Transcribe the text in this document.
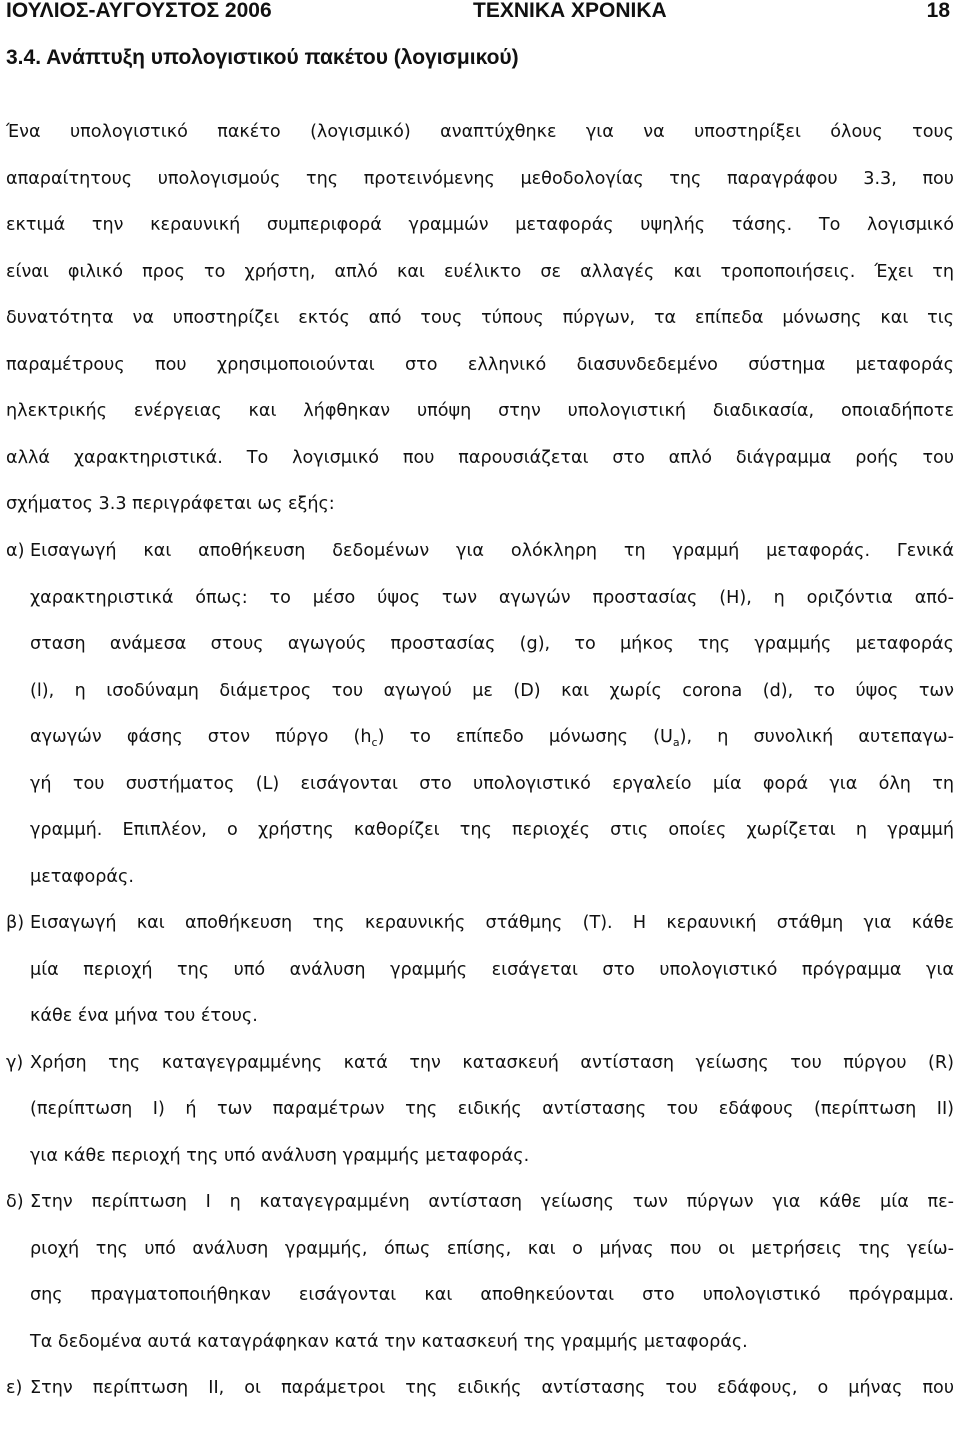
ΙΟΥΛΙΟΣ-ΑΥΓΟΥΣΤΟΣ 2006	ΤΕΧΝΙΚΑ ΧΡΟΝΙΚΑ	18
3.4. Ανάπτυξη υπολογιστικού πακέτου (λογισμικού)
Ένα υπολογιστικό πακέτο (λογισμικό) αναπτύχθηκε για να υποστηρίξει όλους τους
απαραίτητους υπολογισμούς της προτεινόμενης μεθοδολογίας της παραγράφου 3.3, που
εκτιμά την κεραυνική συμπεριφορά γραμμών μεταφοράς υψηλής τάσης. Το λογισμικό
είναι φιλικό προς το χρήστη, απλό και ευέλικτο σε αλλαγές και τροποποιήσεις. Έχει τη
δυνατότητα να υποστηρίζει εκτός από τους τύπους πύργων, τα επίπεδα μόνωσης και τις
παραμέτρους που χρησιμοποιούνται στο ελληνικό διασυνδεδεμένο σύστημα μεταφοράς
ηλεκτρικής ενέργειας και λήφθηκαν υπόψη στην υπολογιστική διαδικασία, οποιαδήποτε
αλλά χαρακτηριστικά. Το λογισμικό που παρουσιάζεται στο απλό διάγραμμα ροής του
σχήματος 3.3 περιγράφεται ως εξής:
α) Εισαγωγή και αποθήκευση δεδομένων για ολόκληρη τη γραμμή μεταφοράς. Γενικά
χαρακτηριστικά όπως: το μέσο ύψος των αγωγών προστασίας (H), η οριζόντια από-
σταση ανάμεσα στους αγωγούς προστασίας (g), το μήκος της γραμμής μεταφοράς
(l), η ισοδύναμη διάμετρος του αγωγού με (D) και χωρίς corona (d), το ύψος των
αγωγών φάσης στον πύργο $(h_c)$ το επίπεδο μόνωσης $(U_a)$, η συνολική αυτεπαγω-
γή του συστήματος (L) εισάγονται στο υπολογιστικό εργαλείο μία φορά για όλη τη
γραμμή. Επιπλέον, ο χρήστης καθορίζει της περιοχές στις οποίες χωρίζεται η γραμμή
μεταφοράς.
β) Εισαγωγή και αποθήκευση της κεραυνικής στάθμης (T). Η κεραυνική στάθμη για κάθε
μία περιοχή της υπό ανάλυση γραμμής εισάγεται στο υπολογιστικό πρόγραμμα για
κάθε ένα μήνα του έτους.
γ) Χρήση της καταγεγραμμένης κατά την κατασκευή αντίσταση γείωσης του πύργου (R)
(περίπτωση I) ή των παραμέτρων της ειδικής αντίστασης του εδάφους (περίπτωση II)
για κάθε περιοχή της υπό ανάλυση γραμμής μεταφοράς.
δ) Στην περίπτωση I η καταγεγραμμένη αντίσταση γείωσης των πύργων για κάθε μία πε-
ριοχή της υπό ανάλυση γραμμής, όπως επίσης, και ο μήνας που οι μετρήσεις της γείω-
σης πραγματοποιήθηκαν εισάγονται και αποθηκεύονται στο υπολογιστικό πρόγραμμα.
Τα δεδομένα αυτά καταγράφηκαν κατά την κατασκευή της γραμμής μεταφοράς.
ε) Στην περίπτωση II, οι παράμετροι της ειδικής αντίστασης του εδάφους, ο μήνας που
